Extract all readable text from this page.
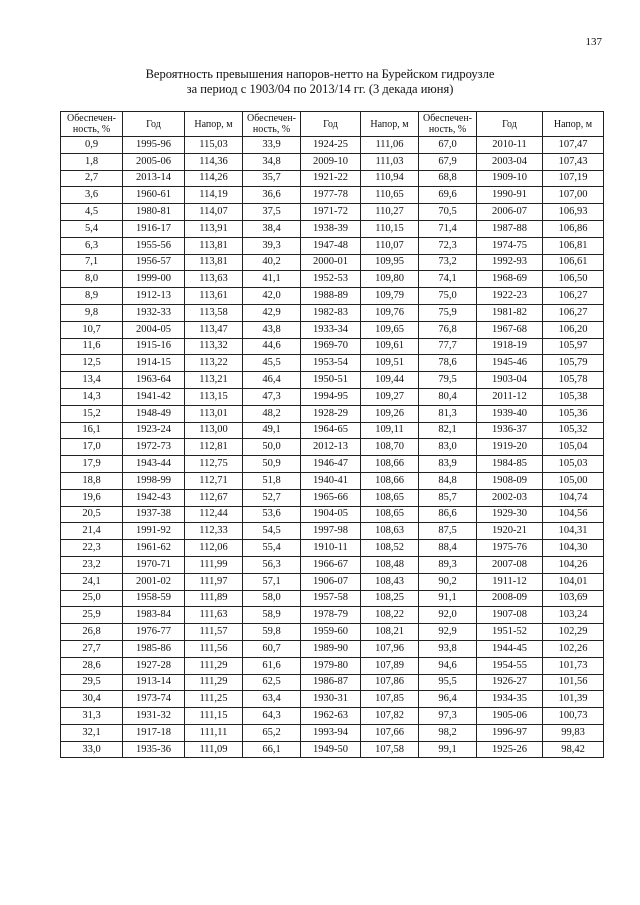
137
Вероятность превышения напоров-нетто на Бурейском гидроузле
за период с 1903/04 по 2013/14 гг. (3 декада июня)
Обеспечен-ность, %	Год	Напор, м	Обеспечен-ность, %	Год	Напор, м	Обеспечен-ность, %	Год	Напор, м
0,9	1995-96	115,03	33,9	1924-25	111,06	67,0	2010-11	107,47
1,8	2005-06	114,36	34,8	2009-10	111,03	67,9	2003-04	107,43
2,7	2013-14	114,26	35,7	1921-22	110,94	68,8	1909-10	107,19
3,6	1960-61	114,19	36,6	1977-78	110,65	69,6	1990-91	107,00
4,5	1980-81	114,07	37,5	1971-72	110,27	70,5	2006-07	106,93
5,4	1916-17	113,91	38,4	1938-39	110,15	71,4	1987-88	106,86
6,3	1955-56	113,81	39,3	1947-48	110,07	72,3	1974-75	106,81
7,1	1956-57	113,81	40,2	2000-01	109,95	73,2	1992-93	106,61
8,0	1999-00	113,63	41,1	1952-53	109,80	74,1	1968-69	106,50
8,9	1912-13	113,61	42,0	1988-89	109,79	75,0	1922-23	106,27
9,8	1932-33	113,58	42,9	1982-83	109,76	75,9	1981-82	106,27
10,7	2004-05	113,47	43,8	1933-34	109,65	76,8	1967-68	106,20
11,6	1915-16	113,32	44,6	1969-70	109,61	77,7	1918-19	105,97
12,5	1914-15	113,22	45,5	1953-54	109,51	78,6	1945-46	105,79
13,4	1963-64	113,21	46,4	1950-51	109,44	79,5	1903-04	105,78
14,3	1941-42	113,15	47,3	1994-95	109,27	80,4	2011-12	105,38
15,2	1948-49	113,01	48,2	1928-29	109,26	81,3	1939-40	105,36
16,1	1923-24	113,00	49,1	1964-65	109,11	82,1	1936-37	105,32
17,0	1972-73	112,81	50,0	2012-13	108,70	83,0	1919-20	105,04
17,9	1943-44	112,75	50,9	1946-47	108,66	83,9	1984-85	105,03
18,8	1998-99	112,71	51,8	1940-41	108,66	84,8	1908-09	105,00
19,6	1942-43	112,67	52,7	1965-66	108,65	85,7	2002-03	104,74
20,5	1937-38	112,44	53,6	1904-05	108,65	86,6	1929-30	104,56
21,4	1991-92	112,33	54,5	1997-98	108,63	87,5	1920-21	104,31
22,3	1961-62	112,06	55,4	1910-11	108,52	88,4	1975-76	104,30
23,2	1970-71	111,99	56,3	1966-67	108,48	89,3	2007-08	104,26
24,1	2001-02	111,97	57,1	1906-07	108,43	90,2	1911-12	104,01
25,0	1958-59	111,89	58,0	1957-58	108,25	91,1	2008-09	103,69
25,9	1983-84	111,63	58,9	1978-79	108,22	92,0	1907-08	103,24
26,8	1976-77	111,57	59,8	1959-60	108,21	92,9	1951-52	102,29
27,7	1985-86	111,56	60,7	1989-90	107,96	93,8	1944-45	102,26
28,6	1927-28	111,29	61,6	1979-80	107,89	94,6	1954-55	101,73
29,5	1913-14	111,29	62,5	1986-87	107,86	95,5	1926-27	101,56
30,4	1973-74	111,25	63,4	1930-31	107,85	96,4	1934-35	101,39
31,3	1931-32	111,15	64,3	1962-63	107,82	97,3	1905-06	100,73
32,1	1917-18	111,11	65,2	1993-94	107,66	98,2	1996-97	99,83
33,0	1935-36	111,09	66,1	1949-50	107,58	99,1	1925-26	98,42
